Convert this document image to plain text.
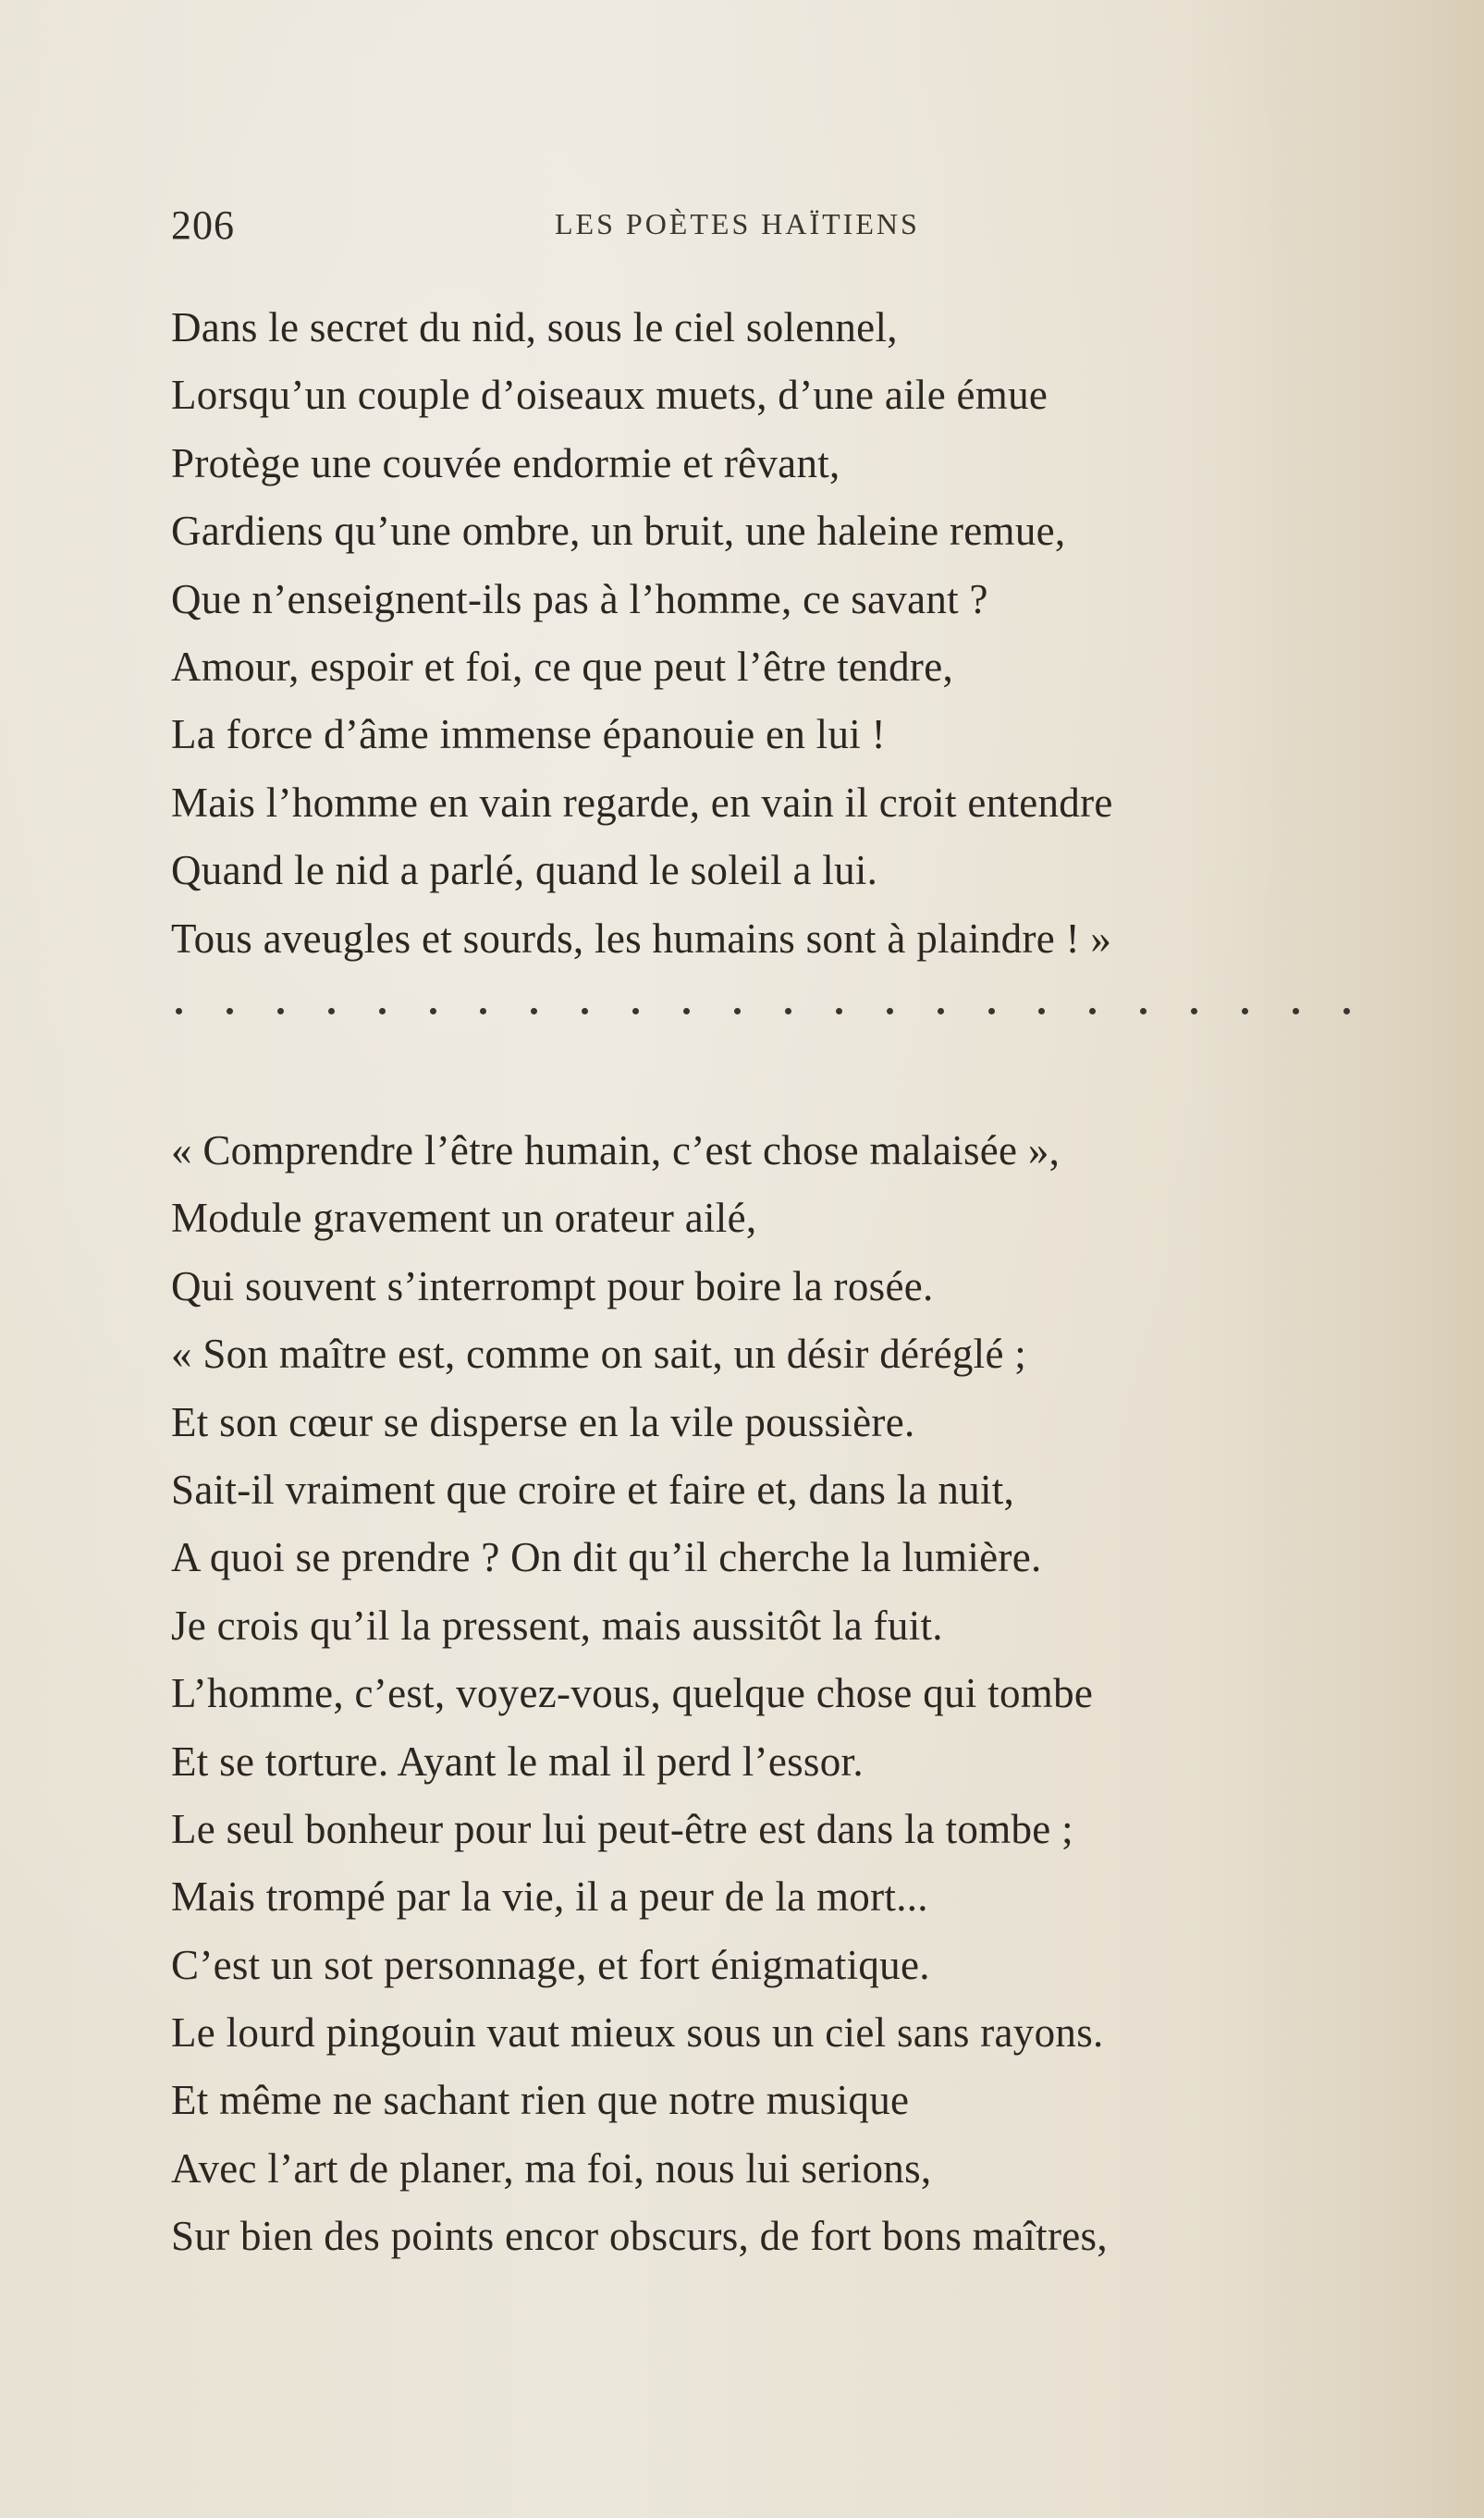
206	LES POÈTES HAÏTIENS
Dans le secret du nid, sous le ciel solennel,
Lorsqu’un couple d’oiseaux muets, d’une aile émue
Protège une couvée endormie et rêvant,
Gardiens qu’une ombre, un bruit, une haleine remue,
Que n’enseignent-ils pas à l’homme, ce savant ?
Amour, espoir et foi, ce que peut l’être tendre,
La force d’âme immense épanouie en lui !
Mais l’homme en vain regarde, en vain il croit entendre
Quand le nid a parlé, quand le soleil a lui.
Tous aveugles et sourds, les humains sont à plaindre ! »
« Comprendre l’être humain, c’est chose malaisée »,
Module gravement un orateur ailé,
Qui souvent s’interrompt pour boire la rosée.
« Son maître est, comme on sait, un désir déréglé ;
Et son cœur se disperse en la vile poussière.
Sait-il vraiment que croire et faire et, dans la nuit,
A quoi se prendre ? On dit qu’il cherche la lumière.
Je crois qu’il la pressent, mais aussitôt la fuit.
L’homme, c’est, voyez-vous, quelque chose qui tombe
Et se torture. Ayant le mal il perd l’essor.
Le seul bonheur pour lui peut-être est dans la tombe ;
Mais trompé par la vie, il a peur de la mort...
C’est un sot personnage, et fort énigmatique.
Le lourd pingouin vaut mieux sous un ciel sans rayons.
Et même ne sachant rien que notre musique
Avec l’art de planer, ma foi, nous lui serions,
Sur bien des points encor obscurs, de fort bons maîtres,
